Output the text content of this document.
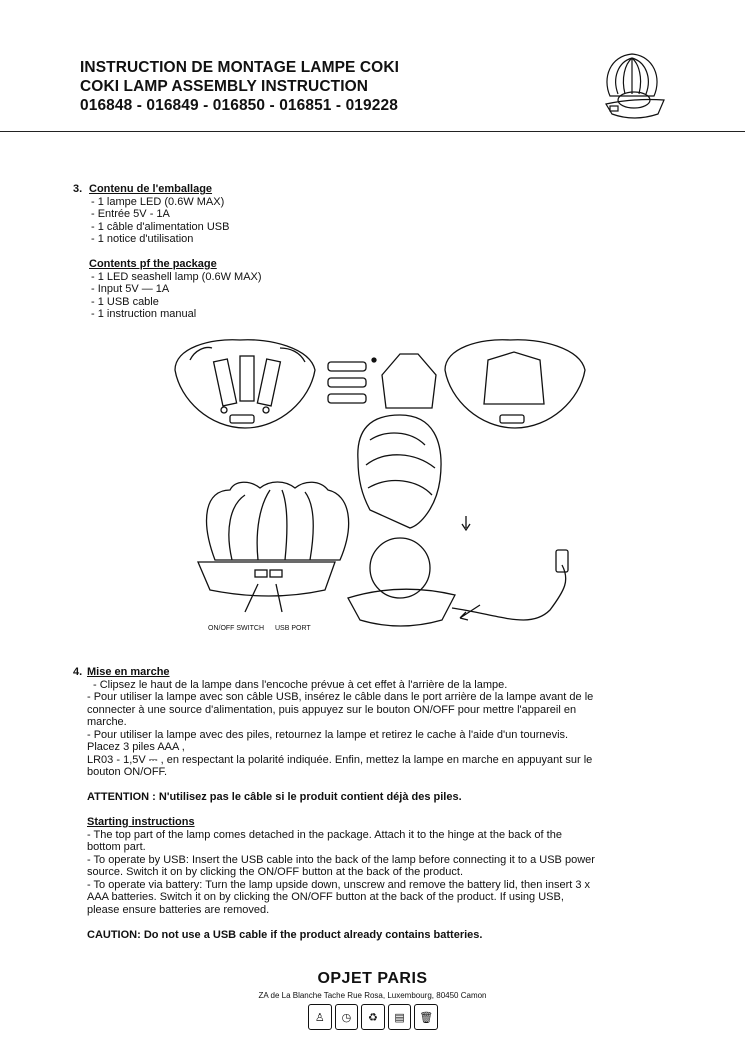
INSTRUCTION DE MONTAGE LAMPE COKI
COKI LAMP ASSEMBLY INSTRUCTION
016848 - 016849 - 016850 - 016851 - 019228
3. Contenu de l'emballage
- 1 lampe LED (0.6W MAX)
- Entrée 5V - 1A
- 1 câble d'alimentation USB
- 1 notice d'utilisation
Contents pf the package
- 1 LED seashell lamp (0.6W MAX)
- Input 5V — 1A
- 1 USB cable
- 1 instruction manual
ON/OFF SWITCH USB PORT
4. Mise en marche
- Clipsez le haut de la lampe dans l'encoche prévue à cet effet à l'arrière de la lampe.
- Pour utiliser la lampe avec son câble USB, insérez le câble dans le port arrière de la lampe avant de le
connecter à une source d'alimentation, puis appuyez sur le bouton ON/OFF pour mettre l'appareil en
marche.
- Pour utiliser la lampe avec des piles, retournez la lampe et retirez le cache à l'aide d'un tournevis.
Placez 3 piles AAA ,
LR03 - 1,5V ⎓ , en respectant la polarité indiquée. Enfin, mettez la lampe en marche en appuyant sur le
bouton ON/OFF.
ATTENTION : N'utilisez pas le câble si le produit contient déjà des piles.
Starting instructions
- The top part of the lamp comes detached in the package. Attach it to the hinge at the back of the
bottom part.
- To operate by USB: Insert the USB cable into the back of the lamp before connecting it to a USB power
source. Switch it on by clicking the ON/OFF button at the back of the product.
- To operate via battery: Turn the lamp upside down, unscrew and remove the battery lid, then insert 3 x
AAA batteries. Switch it on by clicking the ON/OFF button at the back of the product. If using USB,
please ensure batteries are removed.
CAUTION: Do not use a USB cable if the product already contains batteries.
OPJET PARIS
ZA de La Blanche Tache Rue Rosa, Luxembourg, 80450 Camon
♙	◷	♻	▤	🗑
